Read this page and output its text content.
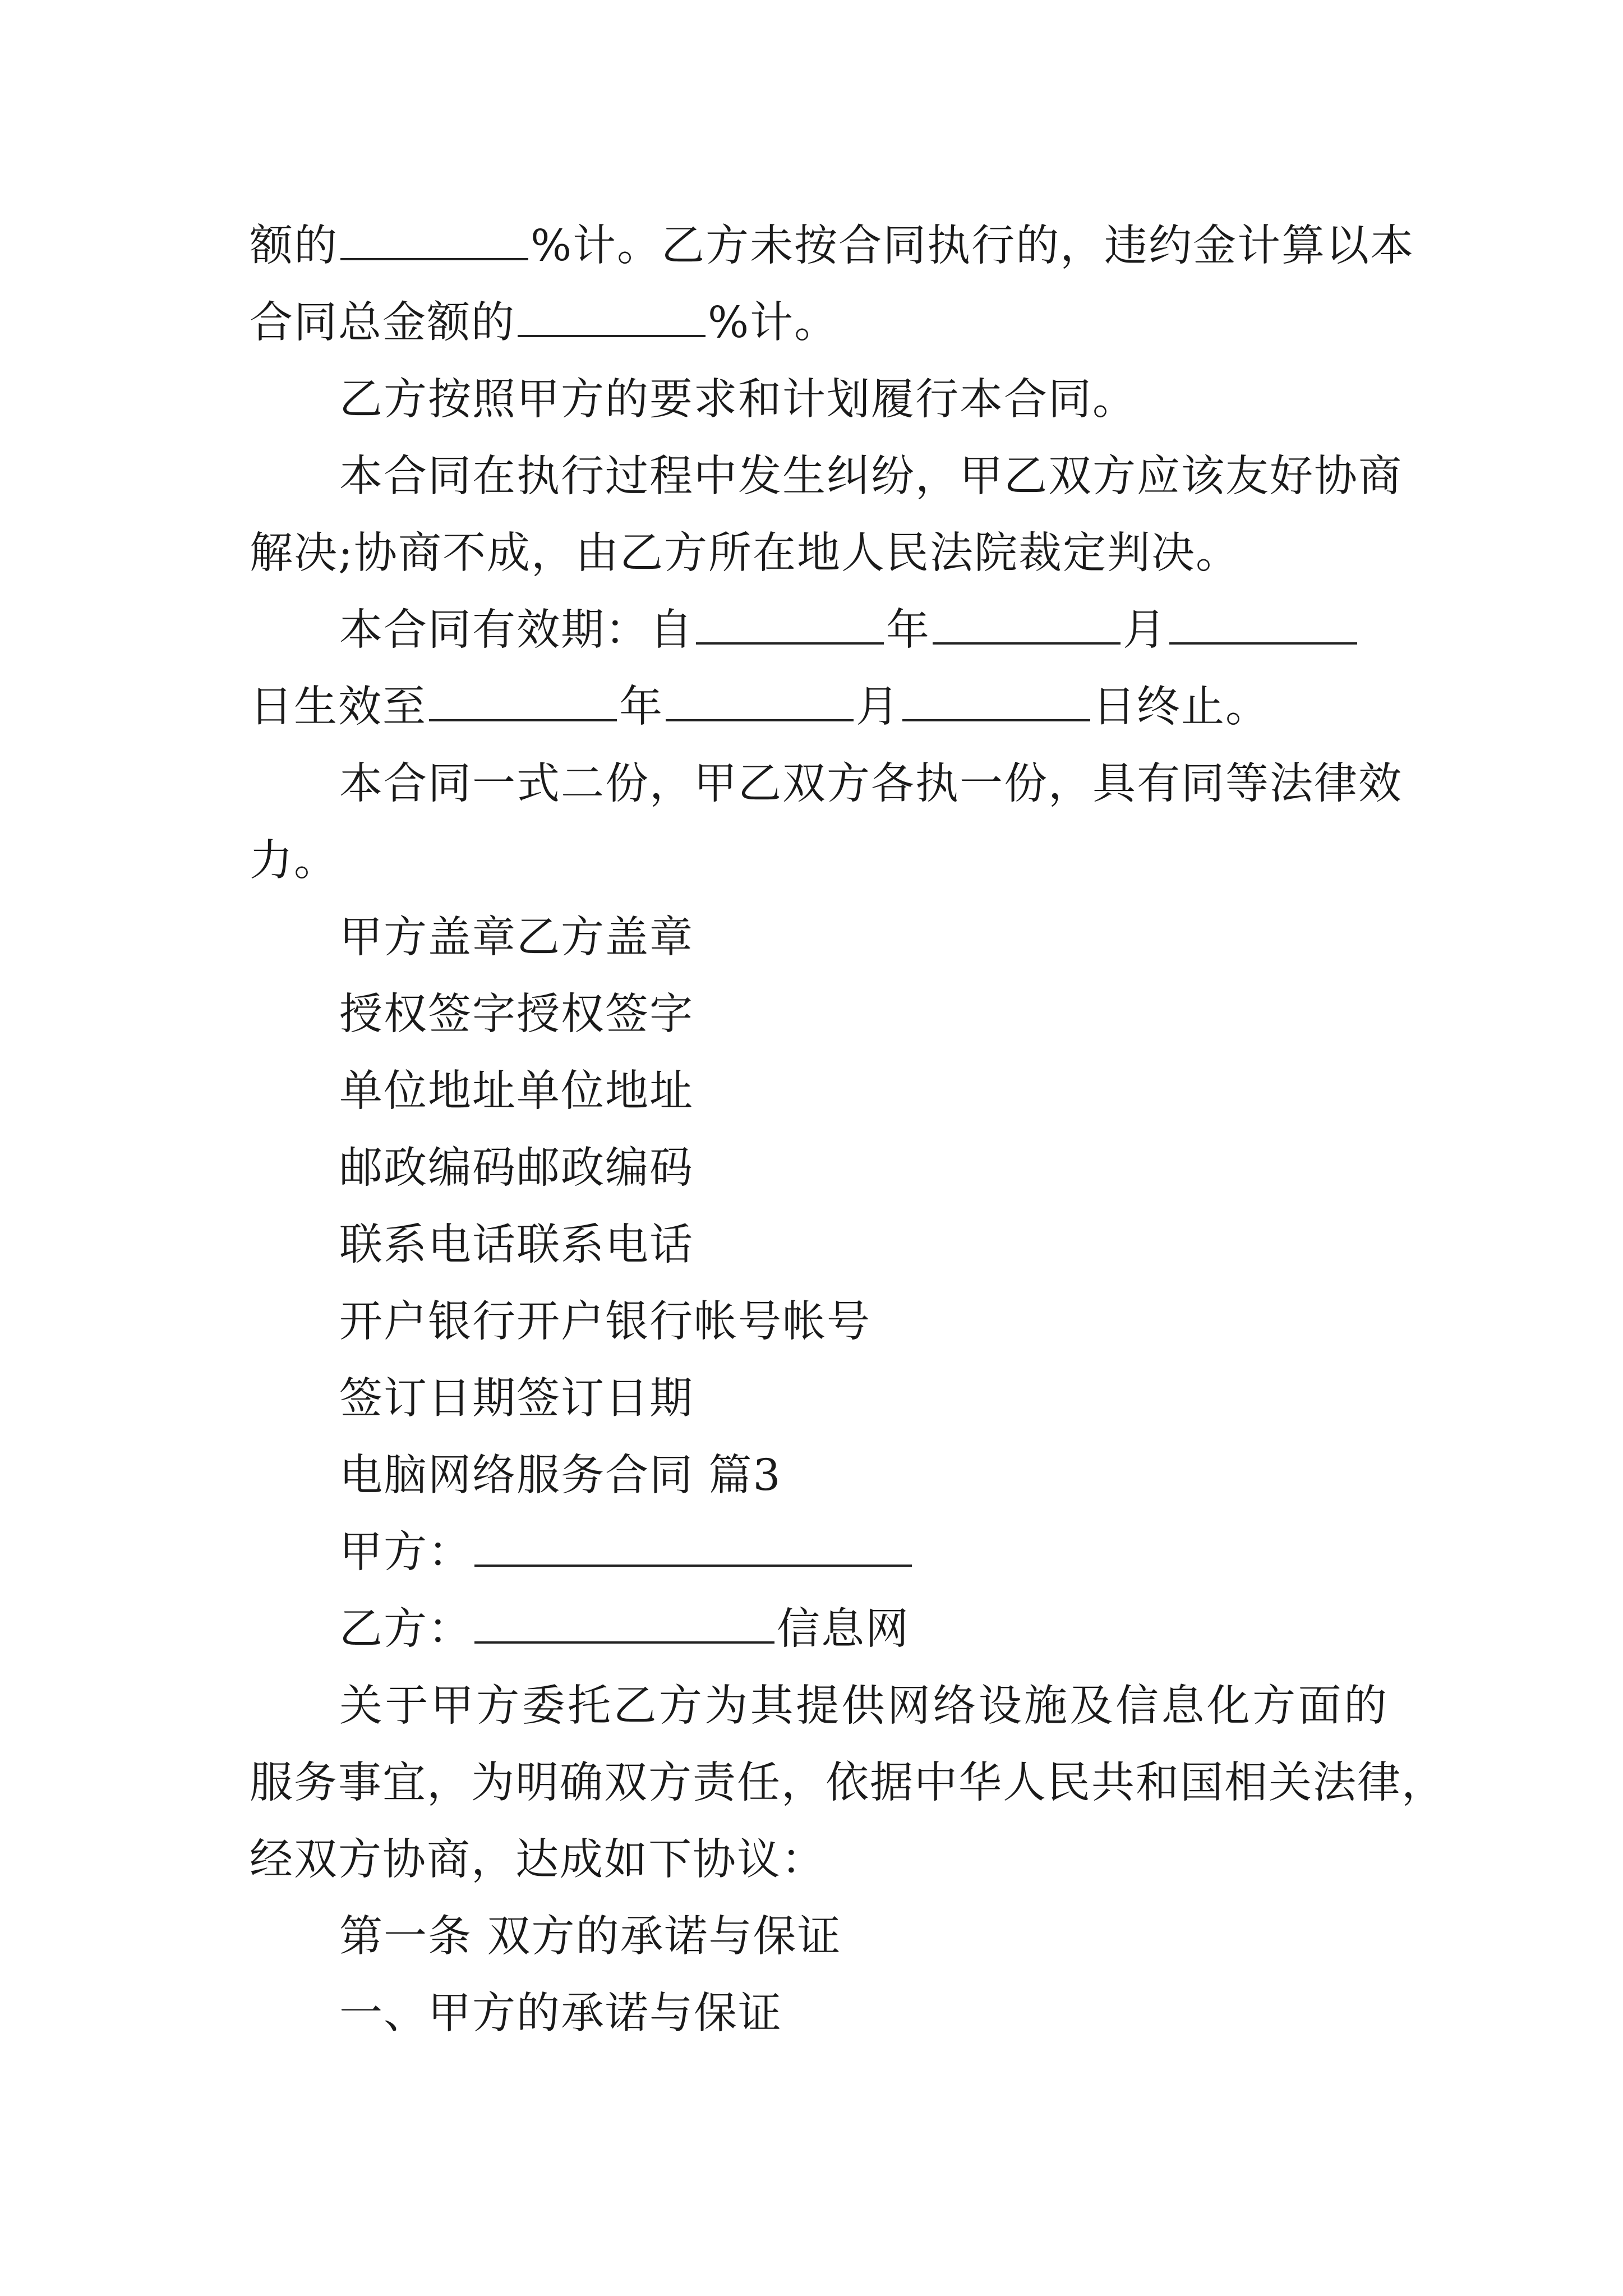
额的	%计。乙方未按合同执行的，违约金计算以本
合同总金额的	%计。
乙方按照甲方的要求和计划履行本合同。
本合同在执行过程中发生纠纷，甲乙双方应该友好协商
解决;协商不成，由乙方所在地人民法院裁定判决。
本合同有效期：自	年	月
日生效至	年	月	日终止。
本合同一式二份，甲乙双方各执一份，具有同等法律效
力。
甲方盖章乙方盖章
授权签字授权签字
单位地址单位地址
邮政编码邮政编码
联系电话联系电话
开户银行开户银行帐号帐号
签订日期签订日期
电脑网络服务合同 篇3
甲方：
乙方：	信息网
关于甲方委托乙方为其提供网络设施及信息化方面的
服务事宜，为明确双方责任，依据中华人民共和国相关法律，
经双方协商，达成如下协议：
第一条 双方的承诺与保证
一、甲方的承诺与保证
